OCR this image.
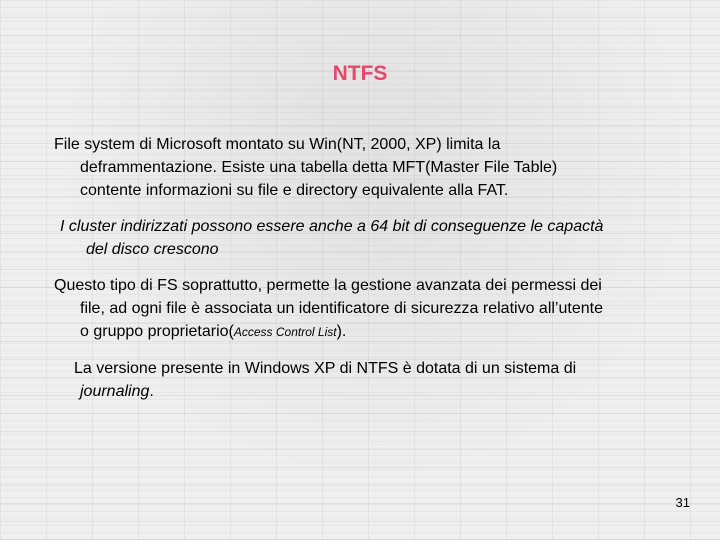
NTFS

File system di Microsoft montato su Win(NT, 2000, XP) limita la
deframmentazione. Esiste una tabella detta MFT(Master File Table)
contente informazioni su file e directory equivalente alla FAT.

I cluster indirizzati possono essere anche a 64 bit di conseguenze le capactà
del disco crescono

Questo tipo di FS soprattutto, permette la gestione avanzata dei permessi dei
file, ad ogni file è associata un identificatore di sicurezza relativo all’utente
o gruppo proprietario(Access Control List).

La versione presente in Windows XP di NTFS è dotata di un sistema di
journaling.

31
